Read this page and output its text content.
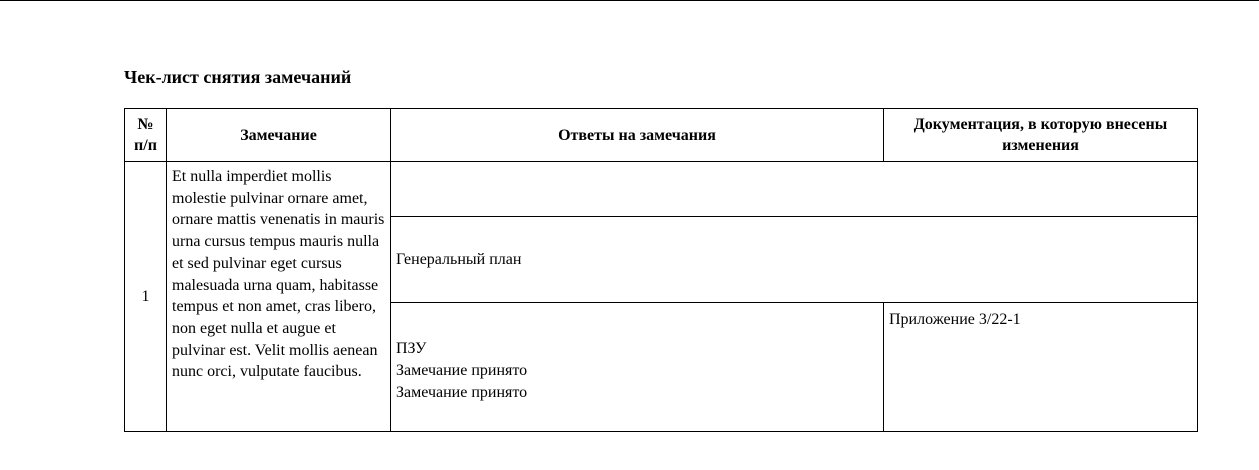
Чек-лист снятия замечаний
№ п/п	Замечание	Ответы на замечания	Документация, в которую внесены изменения
1	Et nulla imperdiet mollis molestie pulvinar ornare amet, ornare mattis venenatis in mauris urna cursus tempus mauris nulla et sed pulvinar eget cursus malesuada urna quam, habitasse tempus et non amet, cras libero, non eget nulla et augue et pulvinar est. Velit mollis aenean nunc orci, vulputate faucibus.		
		Генеральный план	

		ПЗУ
Замечание принято
Замечание принято	Приложение 3/22-1
